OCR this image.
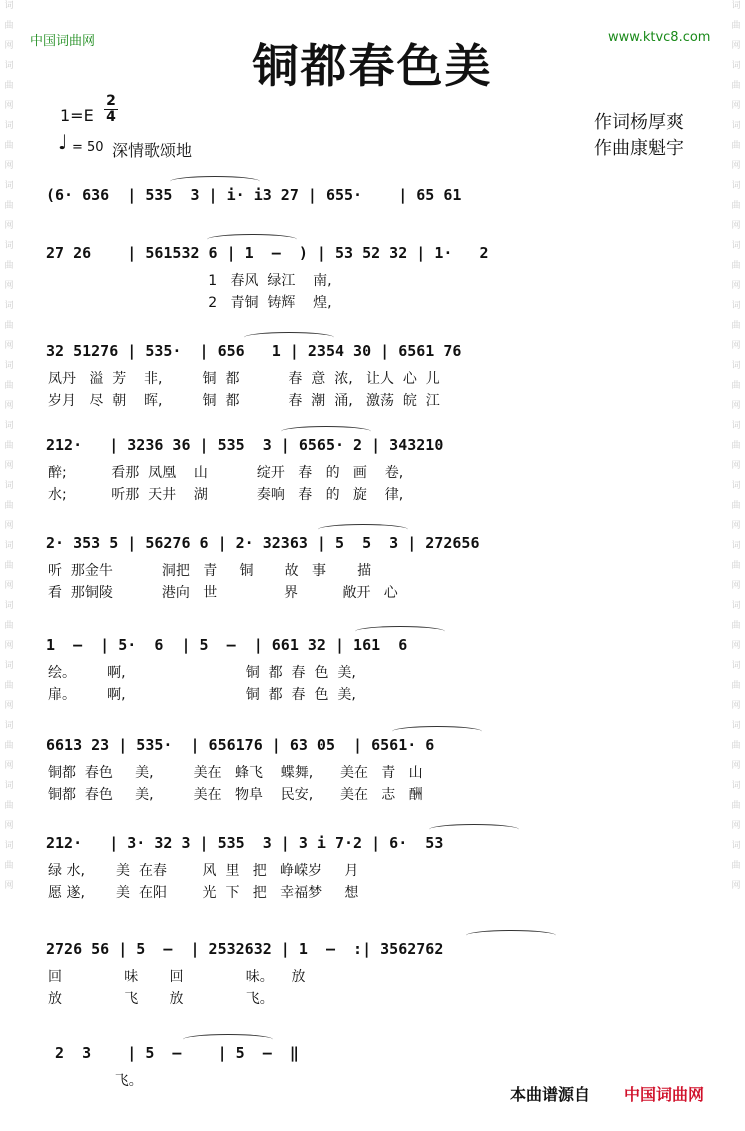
词
曲
网
词
曲
网
词
曲
网
词
曲
网
词
曲
网
词
曲
网
词
曲
网
词
曲
网
词
曲
网
词
曲
网
词
曲
网
词
曲
网
词
曲
网
词
曲
网
词
曲
网
词
曲
网
词
曲
网
词
曲
网
词
曲
网
词
曲
网
词
曲
网
词
曲
网
词
曲
网
词
曲
网
词
曲
网
词
曲
网
词
曲
网
词
曲
网
词
曲
网
词
曲
网
中国词曲网	www.ktvc8.com
铜都春色美
1=E
2
4
♩ = 50 深情歌颂地
作词杨厚爽
作曲康魁宇
(6· 636  | 535  3 | i· i3 27 | 655·    | 65 61
27 26    | 561532 6 | 1  –  ) | 53 52 32 | 1·   2
1   春风  绿江    南,
2   青铜  铸辉    煌,
32 51276 | 535·  | 656   1 | 2354 30 | 6561 76
凤丹   溢  芳    非,         铜  都           春  意  浓,   让人  心  儿
岁月   尽  朝    晖,         铜  都           春  潮  涌,   激荡  皖  江
212·   | 3236 36 | 535  3 | 6565· 2 | 343210
醉;          看那  凤凰    山           绽开   春   的   画    卷,
水;          听那  天井    湖           奏响   春   的   旋    律,
2· 353 5 | 56276 6 | 2· 32363 | 5  5  3 | 272656
听  那金牛           洞把   青     铜       故   事       描
看  那铜陵           港向   世               界          敞开   心
1  –  | 5·  6  | 5  –  | 661 32 | 161  6
绘。       啊,                           铜  都  春  色  美,
扉。       啊,                           铜  都  春  色  美,
6613 23 | 535·  | 656176 | 63 05  | 6561· 6
铜都  春色     美,         美在   蜂飞    蝶舞,      美在   青   山
铜都  春色     美,         美在   物阜    民安,      美在   志   酬
212·   | 3· 32 3 | 535  3 | 3 i 7·2 | 6·  53
绿 水,       美  在春        风  里   把   峥嵘岁     月
愿 遂,       美  在阳        光  下   把   幸福梦     想
2726 56 | 5  –  | 2532632 | 1  –  :| 3562762
回              味       回              味。    放
放              飞       放              飞。
2  3    | 5  –    | 5  –  ‖
飞。
本曲谱源自 中国词曲网
